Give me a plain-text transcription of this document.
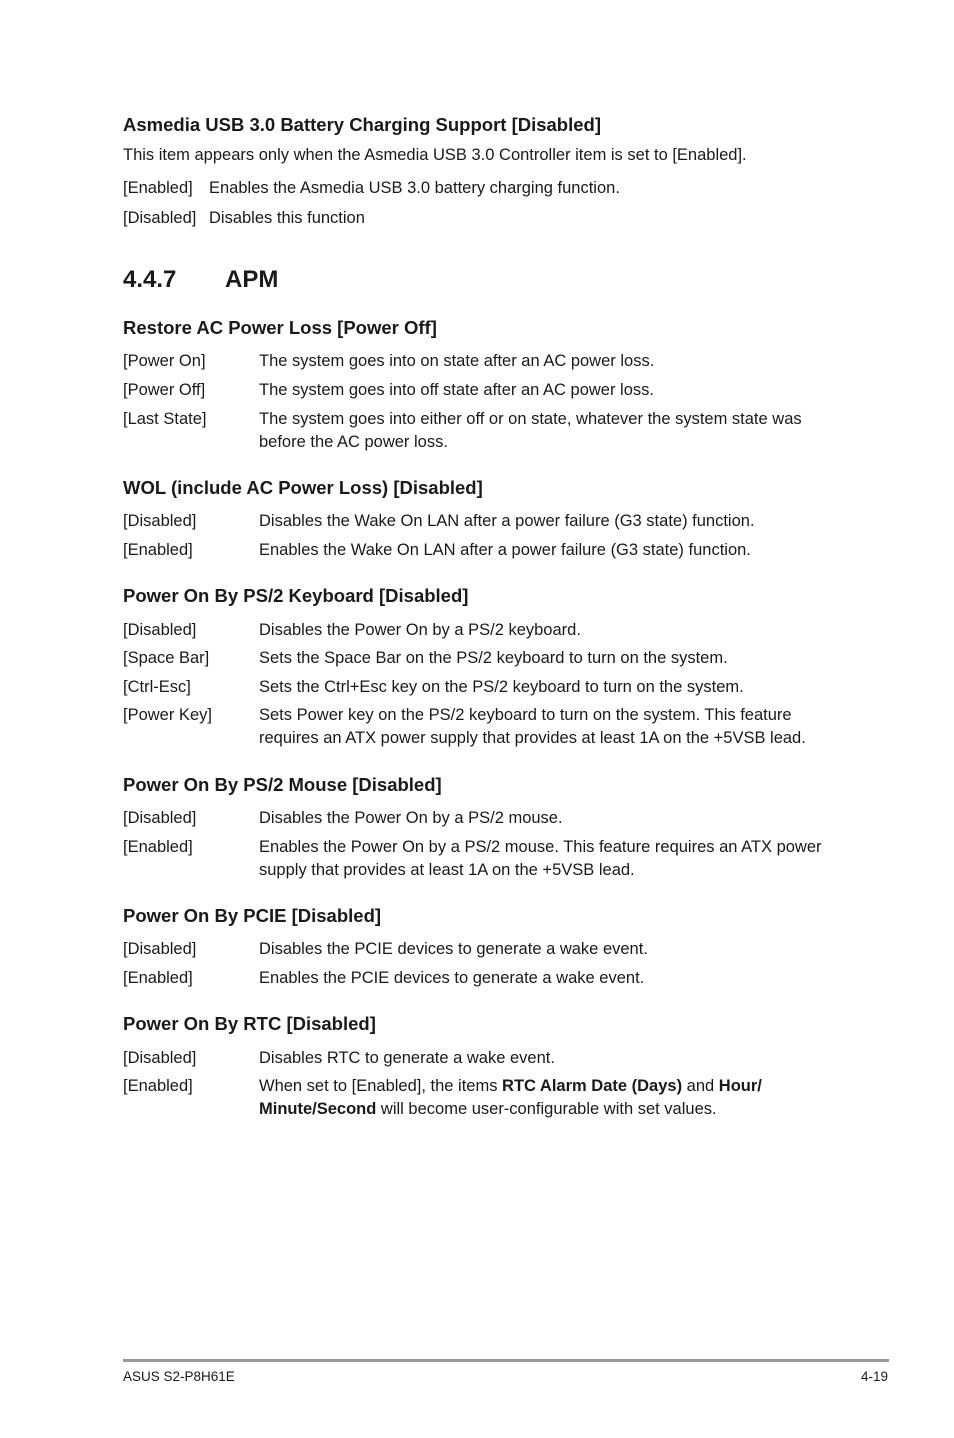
Asmedia USB 3.0 Battery Charging Support [Disabled]
This item appears only when the Asmedia USB 3.0 Controller item is set to [Enabled].
[Enabled] Enables the Asmedia USB 3.0 battery charging function.
[Disabled] Disables this function
4.4.7 APM
Restore AC Power Loss [Power Off]
[Power On]	The system goes into on state after an AC power loss.
[Power Off]	The system goes into off state after an AC power loss.
[Last State]	The system goes into either off or on state, whatever the system state was before the AC power loss.
WOL (include AC Power Loss) [Disabled]
[Disabled]	Disables the Wake On LAN after a power failure (G3 state) function.
[Enabled]	Enables the Wake On LAN after a power failure (G3 state) function.
Power On By PS/2 Keyboard [Disabled]
[Disabled]	Disables the Power On by a PS/2 keyboard.
[Space Bar]	Sets the Space Bar on the PS/2 keyboard to turn on the system.
[Ctrl-Esc]	Sets the Ctrl+Esc key on the PS/2 keyboard to turn on the system.
[Power Key]	Sets Power key on the PS/2 keyboard to turn on the system. This feature requires an ATX power supply that provides at least 1A on the +5VSB lead.
Power On By PS/2 Mouse [Disabled]
[Disabled]	Disables the Power On by a PS/2 mouse.
[Enabled]	Enables the Power On by a PS/2 mouse. This feature requires an ATX power supply that provides at least 1A on the +5VSB lead.
Power On By PCIE [Disabled]
[Disabled]	Disables the PCIE devices to generate a wake event.
[Enabled]	Enables the PCIE devices to generate a wake event.
Power On By RTC [Disabled]
[Disabled]	Disables RTC to generate a wake event.
[Enabled]	When set to [Enabled], the items RTC Alarm Date (Days) and Hour/ Minute/Second will become user-configurable with set values.
ASUS S2-P8H61E	4-19
